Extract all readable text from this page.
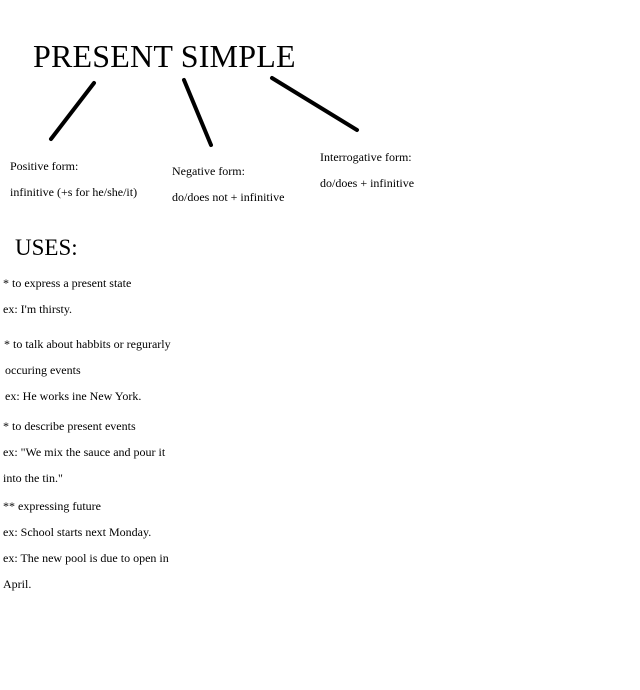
PRESENT SIMPLE
Positive form:
infinitive (+s for he/she/it)
Negative form:
do/does not + infinitive
Interrogative form:
do/does + infinitive
USES:
* to express a present state
ex: I'm thirsty.
* to talk about habbits or regurarly
occuring events
ex: He works ine New York.
* to describe present events
ex: "We mix the sauce and pour it
into the tin."
** expressing future
ex: School starts next Monday.
ex: The new pool is due to open in
April.
